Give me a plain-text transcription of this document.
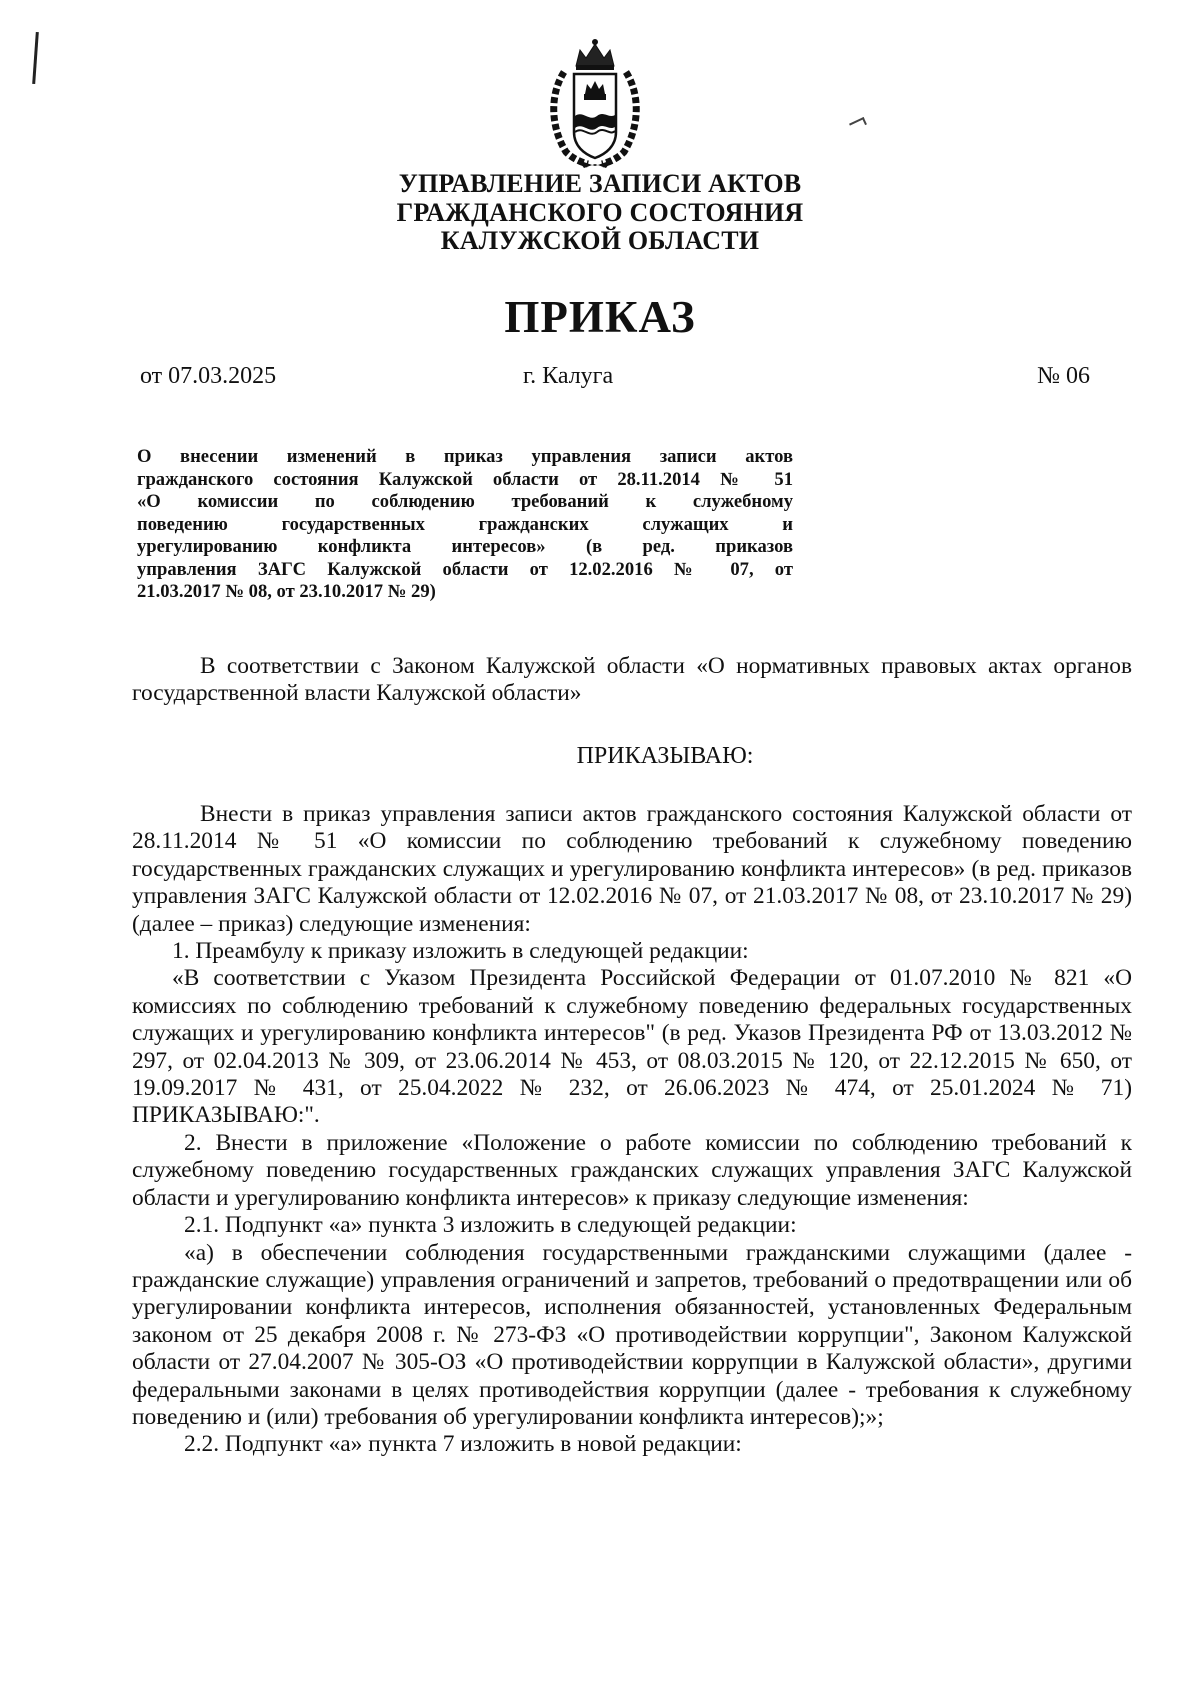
УПРАВЛЕНИЕ ЗАПИСИ АКТОВ
ГРАЖДАНСКОГО СОСТОЯНИЯ
КАЛУЖСКОЙ ОБЛАСТИ
ПРИКАЗ
от 07.03.2025	г. Калуга	№ 06
О внесении изменений в приказ управления записи актов
гражданского состояния Калужской области от 28.11.2014 № 51
«О комиссии по соблюдению требований к служебному
поведению государственных гражданских служащих и
урегулированию конфликта интересов» (в ред. приказов
управления ЗАГС Калужской области от 12.02.2016 № 07, от
21.03.2017 № 08, от 23.10.2017 № 29)

В соответствии с Законом Калужской области «О нормативных правовых актах органов государственной власти Калужской области»

ПРИКАЗЫВАЮ:

Внести в приказ управления записи актов гражданского состояния Калужской области от 28.11.2014 № 51 «О комиссии по соблюдению требований к служебному поведению государственных гражданских служащих и урегулированию конфликта интересов» (в ред. приказов управления ЗАГС Калужской области от 12.02.2016 № 07, от 21.03.2017 № 08, от 23.10.2017 № 29) (далее – приказ) следующие изменения:

1. Преамбулу к приказу изложить в следующей редакции:

«В соответствии с Указом Президента Российской Федерации от 01.07.2010 № 821 «О комиссиях по соблюдению требований к служебному поведению федеральных государственных служащих и урегулированию конфликта интересов" (в ред. Указов Президента РФ от 13.03.2012 № 297, от 02.04.2013 № 309, от 23.06.2014 № 453, от 08.03.2015 № 120, от 22.12.2015 № 650, от 19.09.2017 № 431, от 25.04.2022 № 232, от 26.06.2023 № 474, от 25.01.2024 № 71) ПРИКАЗЫВАЮ:".

2. Внести в приложение «Положение о работе комиссии по соблюдению требований к служебному поведению государственных гражданских служащих управления ЗАГС Калужской области и урегулированию конфликта интересов» к приказу следующие изменения:

2.1. Подпункт «а» пункта 3 изложить в следующей редакции:

«а) в обеспечении соблюдения государственными гражданскими служащими (далее - гражданские служащие) управления ограничений и запретов, требований о предотвращении или об урегулировании конфликта интересов, исполнения обязанностей, установленных Федеральным законом от 25 декабря 2008 г. № 273-ФЗ «О противодействии коррупции", Законом Калужской области от 27.04.2007 № 305-ОЗ «О противодействии коррупции в Калужской области», другими федеральными законами в целях противодействия коррупции (далее - требования к служебному поведению и (или) требования об урегулировании конфликта интересов);»;

2.2. Подпункт «а» пункта 7 изложить в новой редакции:
